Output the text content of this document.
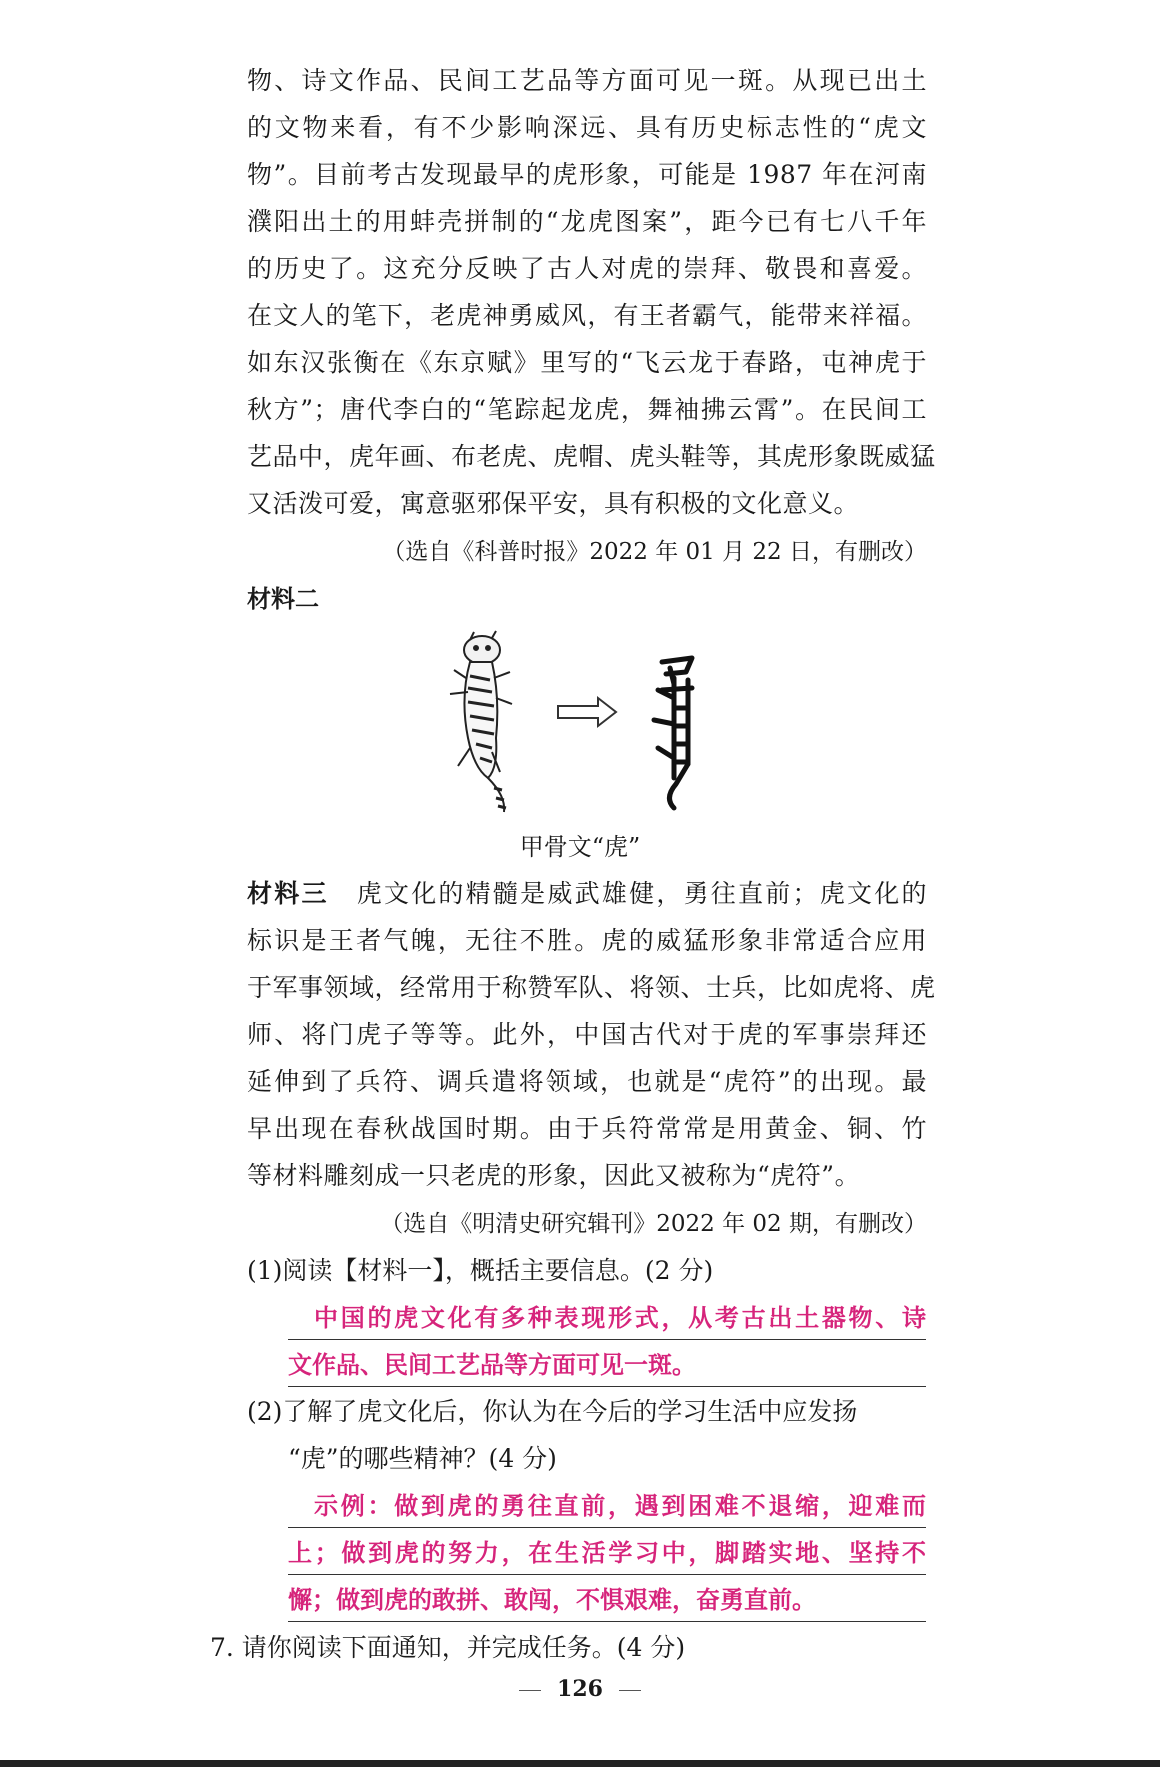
物、诗文作品、民间工艺品等方面可见一斑。从现已出土
的文物来看，有不少影响深远、具有历史标志性的“虎文
物”。目前考古发现最早的虎形象，可能是 1987 年在河南
濮阳出土的用蚌壳拼制的“龙虎图案”，距今已有七八千年
的历史了。这充分反映了古人对虎的崇拜、敬畏和喜爱。
在文人的笔下，老虎神勇威风，有王者霸气，能带来祥福。
如东汉张衡在《东京赋》里写的“飞云龙于春路，屯神虎于
秋方”；唐代李白的“笔踪起龙虎，舞袖拂云霄”。在民间工
艺品中，虎年画、布老虎、虎帽、虎头鞋等，其虎形象既威猛
又活泼可爱，寓意驱邪保平安，具有积极的文化意义。
（选自《科普时报》2022 年 01 月 22 日，有删改）
材料二
甲骨文“虎”
材料三 虎文化的精髓是威武雄健，勇往直前；虎文化的
标识是王者气魄，无往不胜。虎的威猛形象非常适合应用
于军事领域，经常用于称赞军队、将领、士兵，比如虎将、虎
师、将门虎子等等。此外，中国古代对于虎的军事崇拜还
延伸到了兵符、调兵遣将领域，也就是“虎符”的出现。最
早出现在春秋战国时期。由于兵符常常是用黄金、铜、竹
等材料雕刻成一只老虎的形象，因此又被称为“虎符”。
（选自《明清史研究辑刊》2022 年 02 期，有删改）
(1)阅读【材料一】，概括主要信息。(2 分)
中国的虎文化有多种表现形式，从考古出土器物、诗
文作品、民间工艺品等方面可见一斑。
(2)了解了虎文化后，你认为在今后的学习生活中应发扬
“虎”的哪些精神？(4 分)
示例：做到虎的勇往直前，遇到困难不退缩，迎难而
上；做到虎的努力，在生活学习中，脚踏实地、坚持不
懈；做到虎的敢拼、敢闯，不惧艰难，奋勇直前。
7. 请你阅读下面通知，并完成任务。(4 分)
126
